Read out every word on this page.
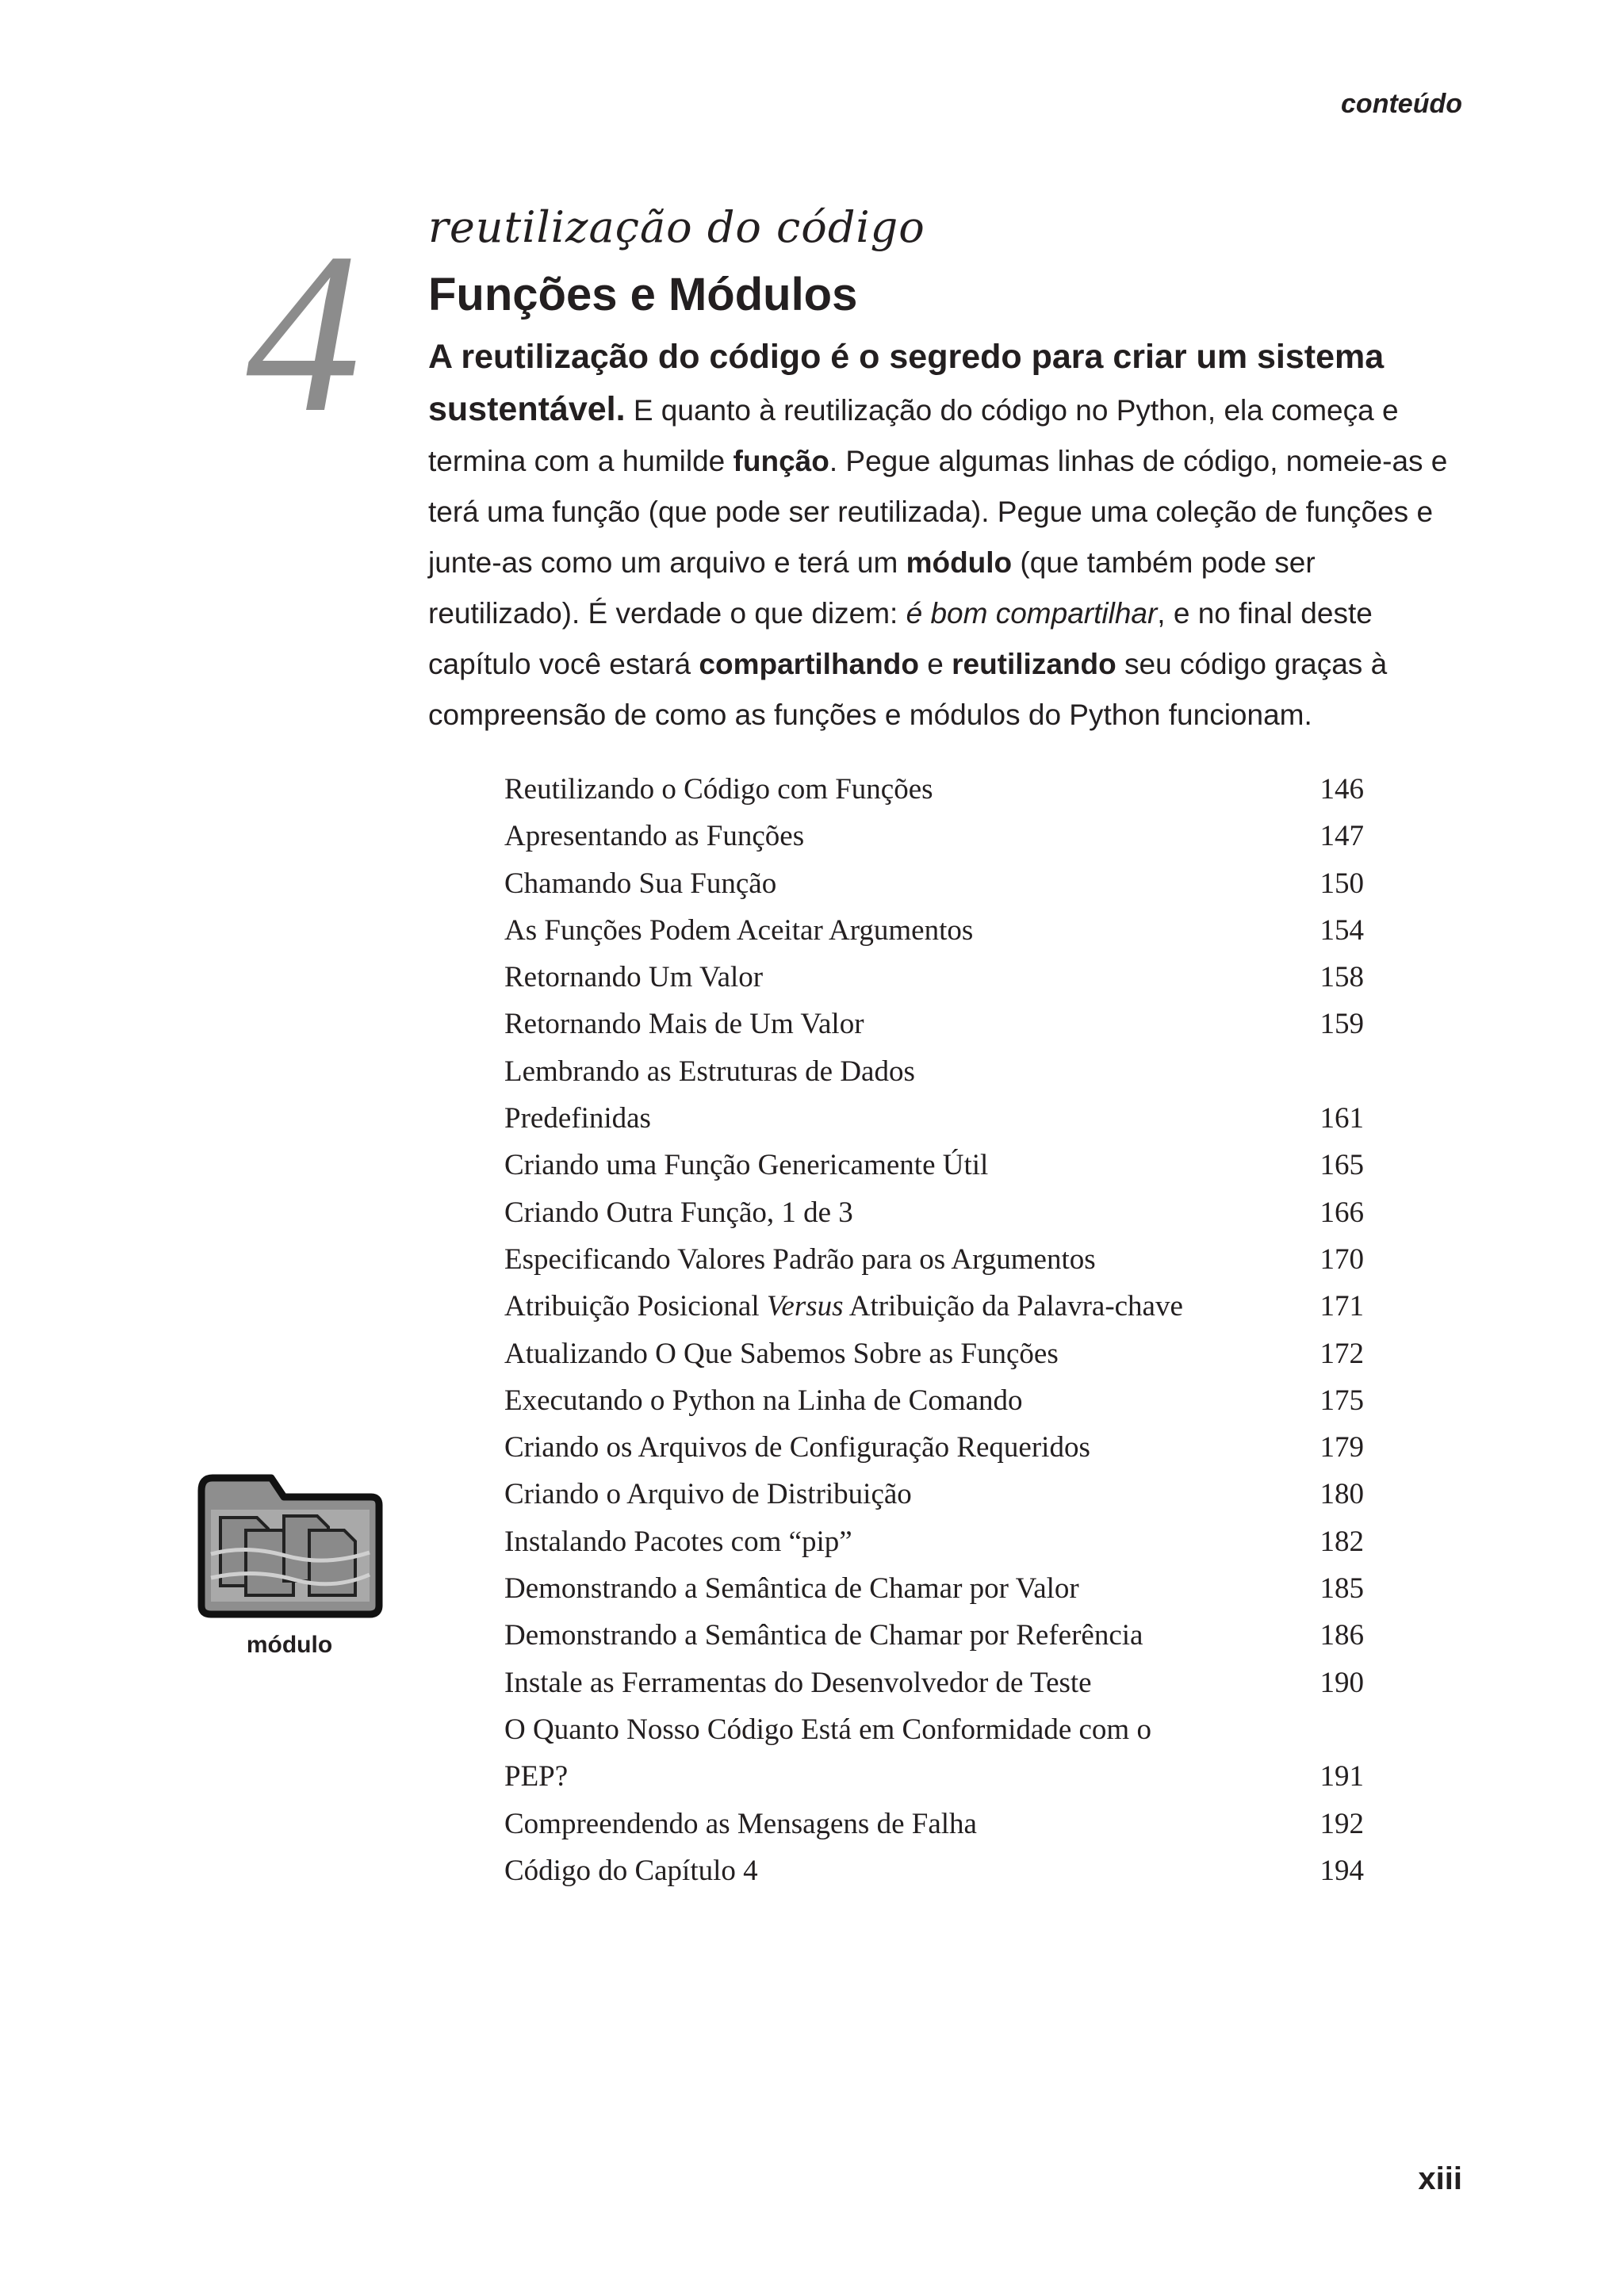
conteúdo
4 reutilização do código
Funções e Módulos
A reutilização do código é o segredo para criar um sistema sustentável. E quanto à reutilização do código no Python, ela começa e termina com a humilde função. Pegue algumas linhas de código, nomeie-as e terá uma função (que pode ser reutilizada). Pegue uma coleção de funções e junte-as como um arquivo e terá um módulo (que também pode ser reutilizado). É verdade o que dizem: é bom compartilhar, e no final deste capítulo você estará compartilhando e reutilizando seu código graças à compreensão de como as funções e módulos do Python funcionam.
Reutilizando o Código com Funções	146
Apresentando as Funções	147
Chamando Sua Função	150
As Funções Podem Aceitar Argumentos	154
Retornando Um Valor	158
Retornando Mais de Um Valor	159
Lembrando as Estruturas de Dados Predefinidas	161
Criando uma Função Genericamente Útil	165
Criando Outra Função, 1 de 3	166
Especificando Valores Padrão para os Argumentos	170
Atribuição Posicional Versus Atribuição da Palavra-chave	171
Atualizando O Que Sabemos Sobre as Funções	172
Executando o Python na Linha de Comando	175
Criando os Arquivos de Configuração Requeridos	179
Criando o Arquivo de Distribuição	180
Instalando Pacotes com “pip”	182
Demonstrando a Semântica de Chamar por Valor	185
Demonstrando a Semântica de Chamar por Referência	186
Instale as Ferramentas do Desenvolvedor de Teste	190
O Quanto Nosso Código Está em Conformidade com o PEP?	191
Compreendendo as Mensagens de Falha	192
Código do Capítulo 4	194
módulo
xiii
